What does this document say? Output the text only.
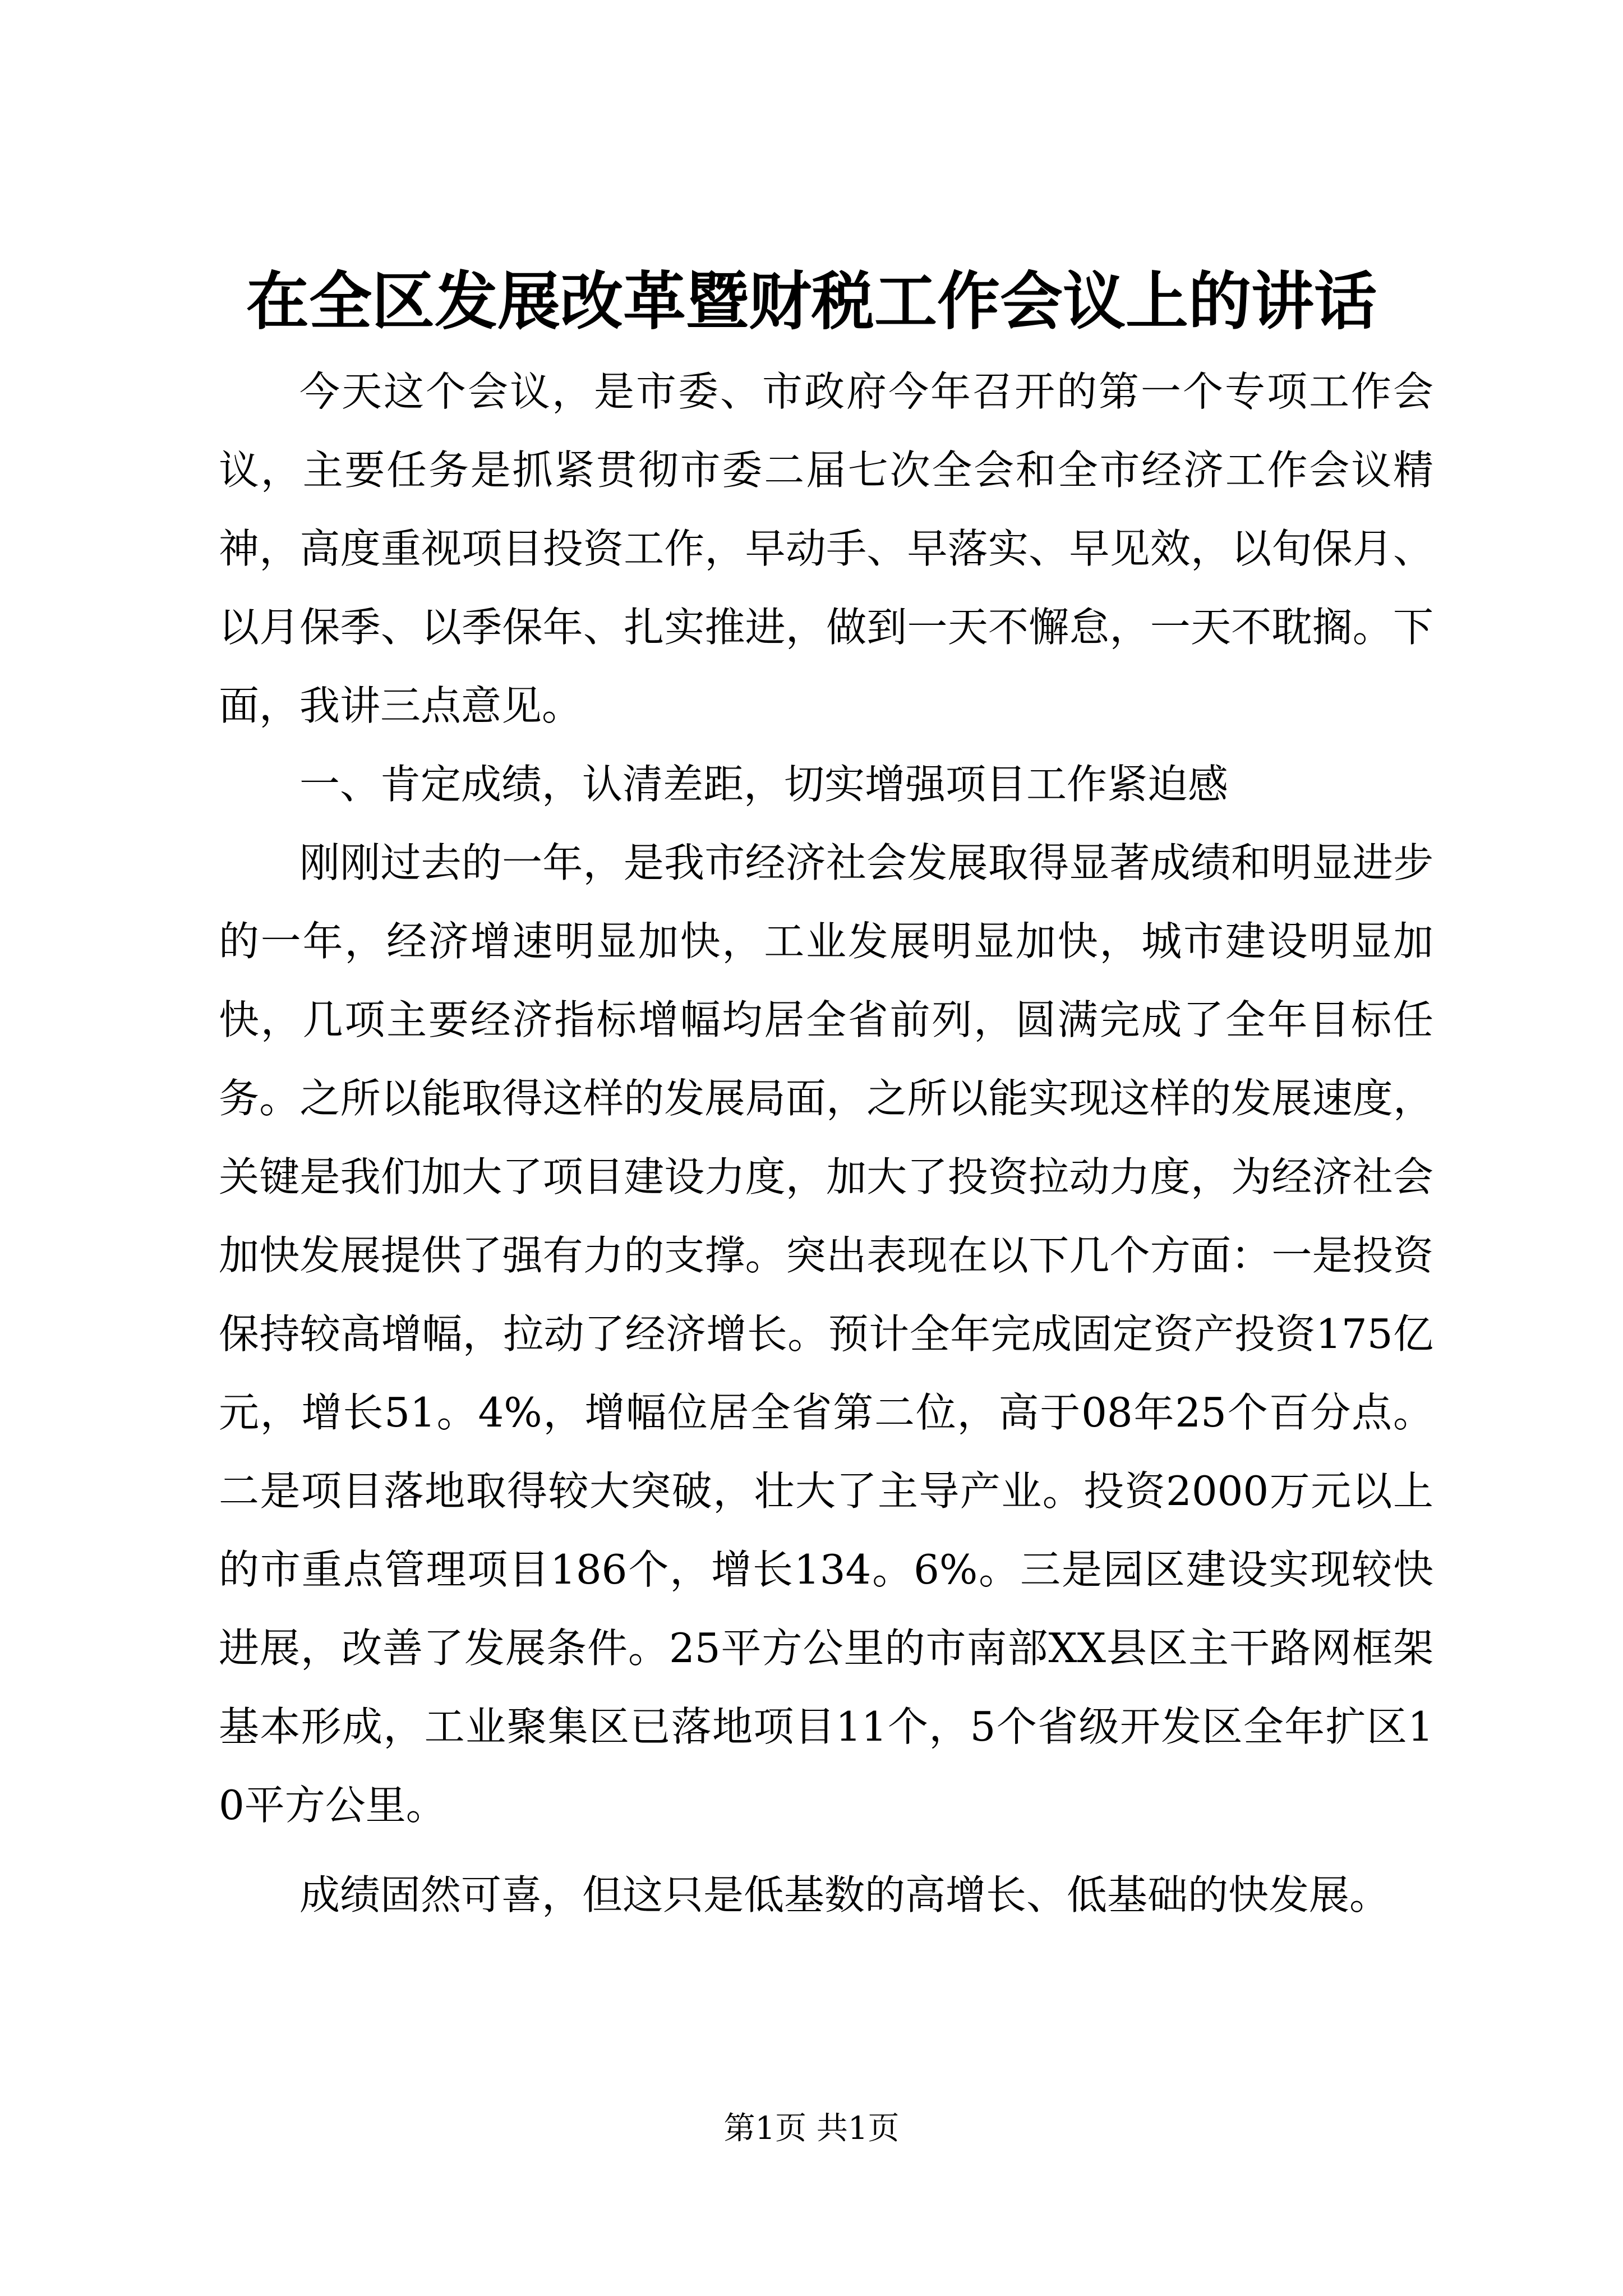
在全区发展改革暨财税工作会议上的讲话

今天这个会议，是市委、市政府今年召开的第一个专项工作会议，主要任务是抓紧贯彻市委二届七次全会和全市经济工作会议精神，高度重视项目投资工作，早动手、早落实、早见效，以旬保月、以月保季、以季保年、扎实推进，做到一天不懈怠，一天不耽搁。下面，我讲三点意见。

一、肯定成绩，认清差距，切实增强项目工作紧迫感

刚刚过去的一年，是我市经济社会发展取得显著成绩和明显进步的一年，经济增速明显加快，工业发展明显加快，城市建设明显加快，几项主要经济指标增幅均居全省前列，圆满完成了全年目标任务。之所以能取得这样的发展局面，之所以能实现这样的发展速度，关键是我们加大了项目建设力度，加大了投资拉动力度，为经济社会加快发展提供了强有力的支撑。突出表现在以下几个方面：一是投资保持较高增幅，拉动了经济增长。预计全年完成固定资产投资175亿元，增长51。4%，增幅位居全省第二位，高于08年25个百分点。二是项目落地取得较大突破，壮大了主导产业。投资2000万元以上的市重点管理项目186个，增长134。6%。三是园区建设实现较快进展，改善了发展条件。25平方公里的市南部XX县区主干路网框架基本形成，工业聚集区已落地项目11个，5个省级开发区全年扩区10平方公里。

成绩固然可喜，但这只是低基数的高增长、低基础的快发展。

第1页 共1页
